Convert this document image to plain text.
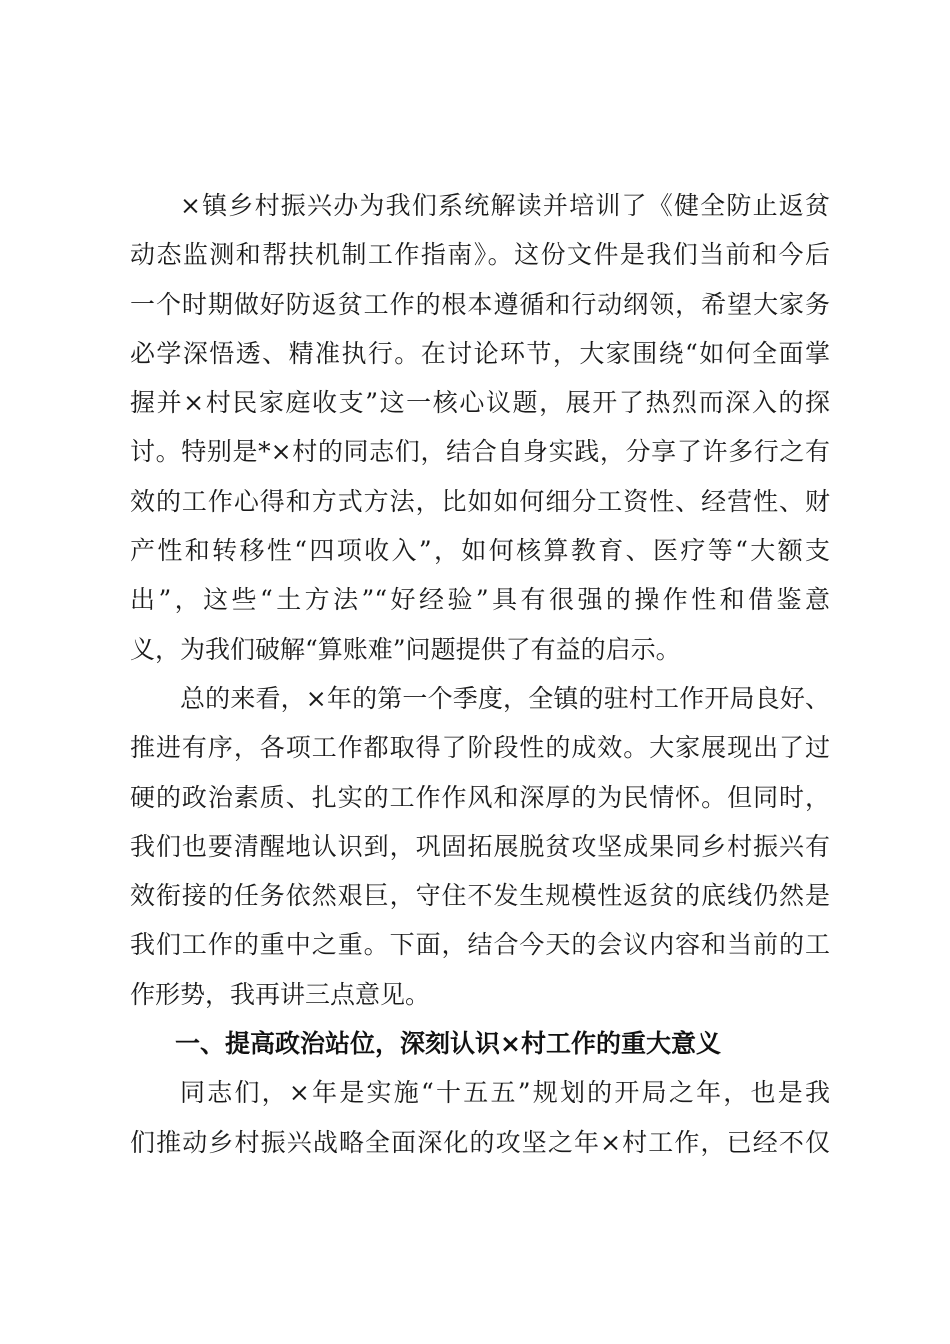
×镇乡村振兴办为我们系统解读并培训了《健全防止返贫
动态监测和帮扶机制工作指南》。这份文件是我们当前和今后
一个时期做好防返贫工作的根本遵循和行动纲领，希望大家务
必学深悟透、精准执行。在讨论环节，大家围绕“如何全面掌
握并×村民家庭收支”这一核心议题，展开了热烈而深入的探
讨。特别是*×村的同志们，结合自身实践，分享了许多行之有
效的工作心得和方式方法，比如如何细分工资性、经营性、财
产性和转移性“四项收入”，如何核算教育、医疗等“大额支
出”，这些“土方法”“好经验”具有很强的操作性和借鉴意
义，为我们破解“算账难”问题提供了有益的启示。
总的来看，×年的第一个季度，全镇的驻村工作开局良好、
推进有序，各项工作都取得了阶段性的成效。大家展现出了过
硬的政治素质、扎实的工作作风和深厚的为民情怀。但同时，
我们也要清醒地认识到，巩固拓展脱贫攻坚成果同乡村振兴有
效衔接的任务依然艰巨，守住不发生规模性返贫的底线仍然是
我们工作的重中之重。下面，结合今天的会议内容和当前的工
作形势，我再讲三点意见。
一、提高政治站位，深刻认识×村工作的重大意义
同志们，×年是实施“十五五”规划的开局之年，也是我
们推动乡村振兴战略全面深化的攻坚之年×村工作，已经不仅
